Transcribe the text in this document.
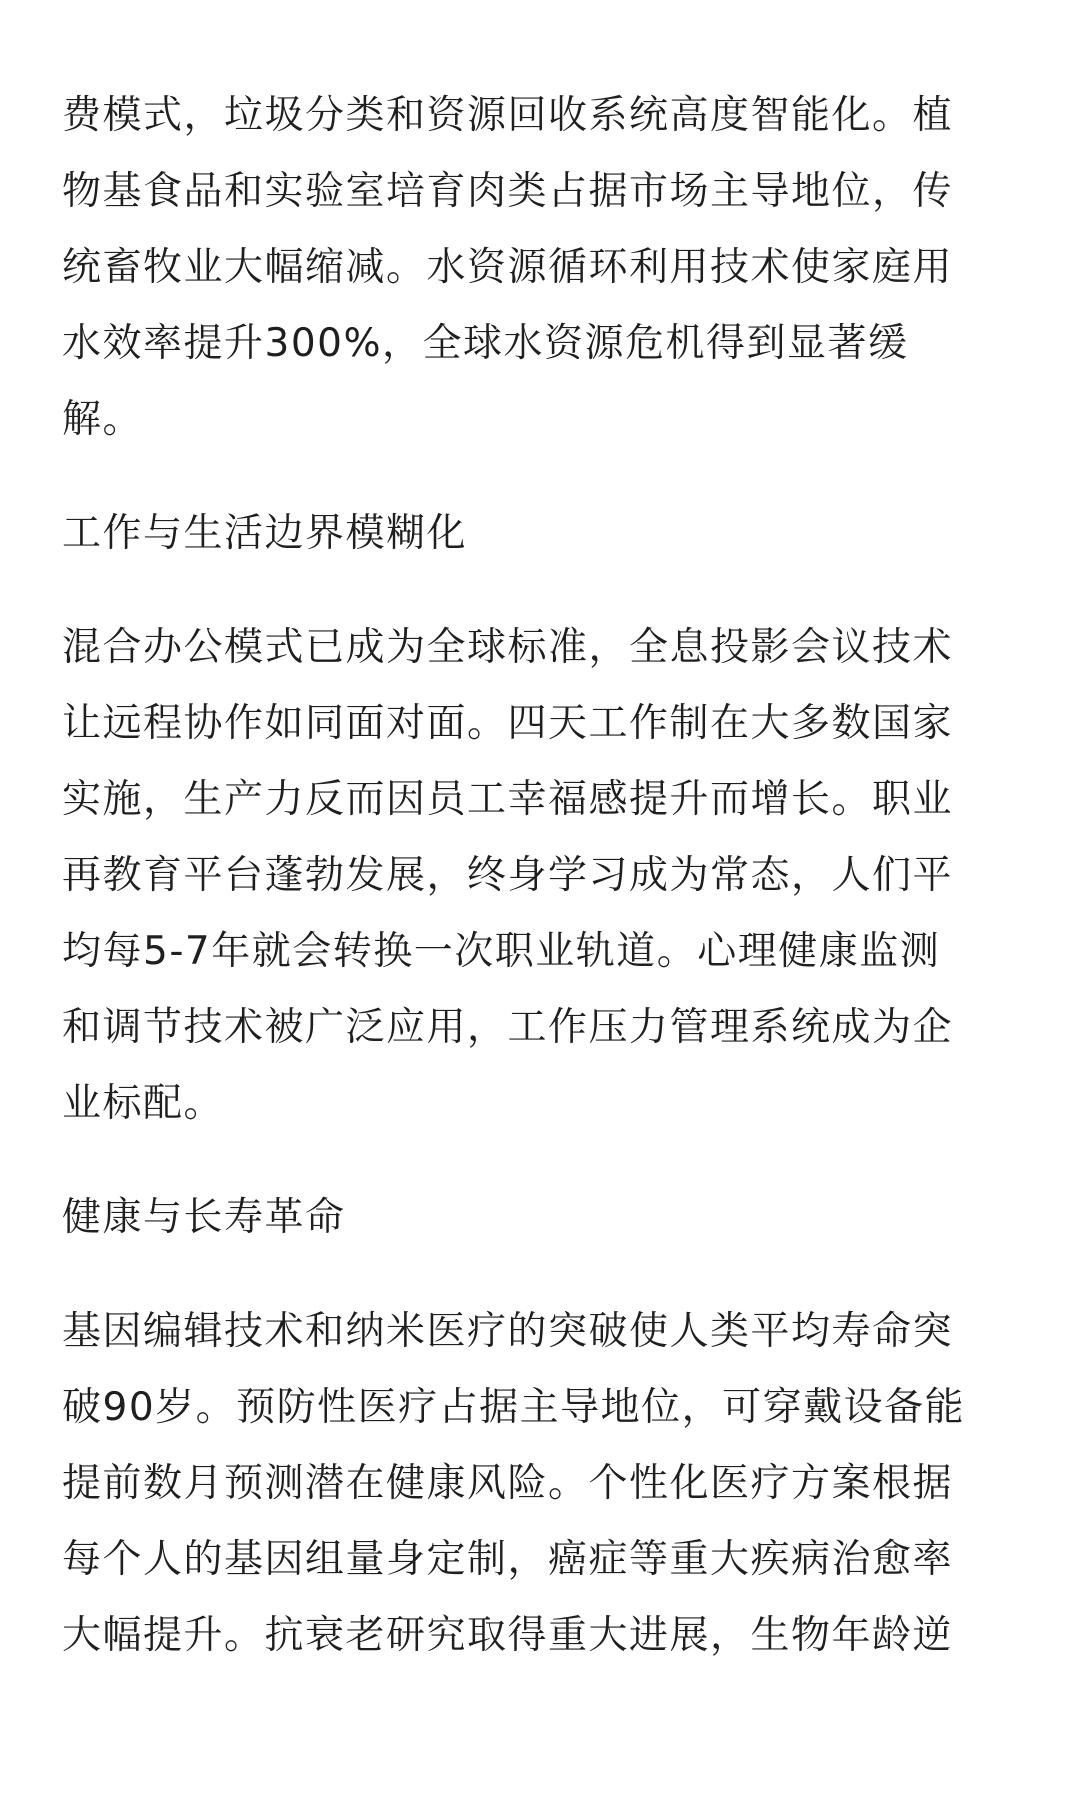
费模式，垃圾分类和资源回收系统高度智能化。植
物基食品和实验室培育肉类占据市场主导地位，传
统畜牧业大幅缩减。水资源循环利用技术使家庭用
水效率提升300%，全球水资源危机得到显著缓
解。
工作与生活边界模糊化
混合办公模式已成为全球标准，全息投影会议技术
让远程协作如同面对面。四天工作制在大多数国家
实施，生产力反而因员工幸福感提升而增长。职业
再教育平台蓬勃发展，终身学习成为常态，人们平
均每5-7年就会转换一次职业轨道。心理健康监测
和调节技术被广泛应用，工作压力管理系统成为企
业标配。
健康与长寿革命
基因编辑技术和纳米医疗的突破使人类平均寿命突
破90岁。预防性医疗占据主导地位，可穿戴设备能
提前数月预测潜在健康风险。个性化医疗方案根据
每个人的基因组量身定制，癌症等重大疾病治愈率
大幅提升。抗衰老研究取得重大进展，生物年龄逆
